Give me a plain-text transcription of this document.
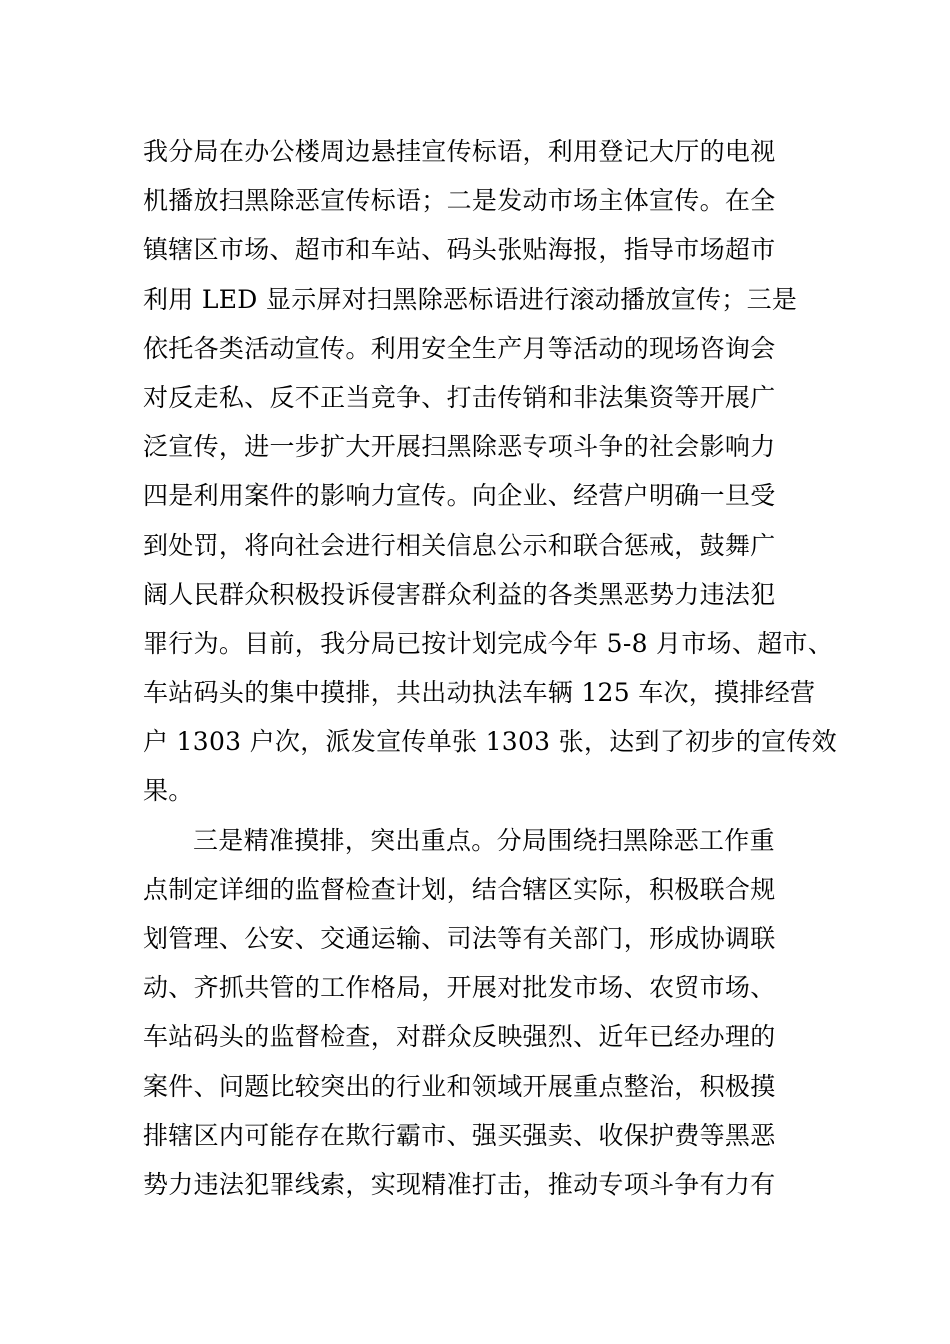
我分局在办公楼周边悬挂宣传标语，利用登记大厅的电视
机播放扫黑除恶宣传标语；二是发动市场主体宣传。在全
镇辖区市场、超市和车站、码头张贴海报，指导市场超市
利用 LED 显示屏对扫黑除恶标语进行滚动播放宣传；三是
依托各类活动宣传。利用安全生产月等活动的现场咨询会
对反走私、反不正当竞争、打击传销和非法集资等开展广
泛宣传，进一步扩大开展扫黑除恶专项斗争的社会影响力
四是利用案件的影响力宣传。向企业、经营户明确一旦受
到处罚，将向社会进行相关信息公示和联合惩戒，鼓舞广
阔人民群众积极投诉侵害群众利益的各类黑恶势力违法犯
罪行为。目前，我分局已按计划完成今年 5-8 月市场、超市、
车站码头的集中摸排，共出动执法车辆 125 车次，摸排经营
户 1303 户次，派发宣传单张 1303 张，达到了初步的宣传效
果。
三是精准摸排，突出重点。分局围绕扫黑除恶工作重
点制定详细的监督检查计划，结合辖区实际，积极联合规
划管理、公安、交通运输、司法等有关部门，形成协调联
动、齐抓共管的工作格局，开展对批发市场、农贸市场、
车站码头的监督检查，对群众反映强烈、近年已经办理的
案件、问题比较突出的行业和领域开展重点整治，积极摸
排辖区内可能存在欺行霸市、强买强卖、收保护费等黑恶
势力违法犯罪线索，实现精准打击，推动专项斗争有力有
